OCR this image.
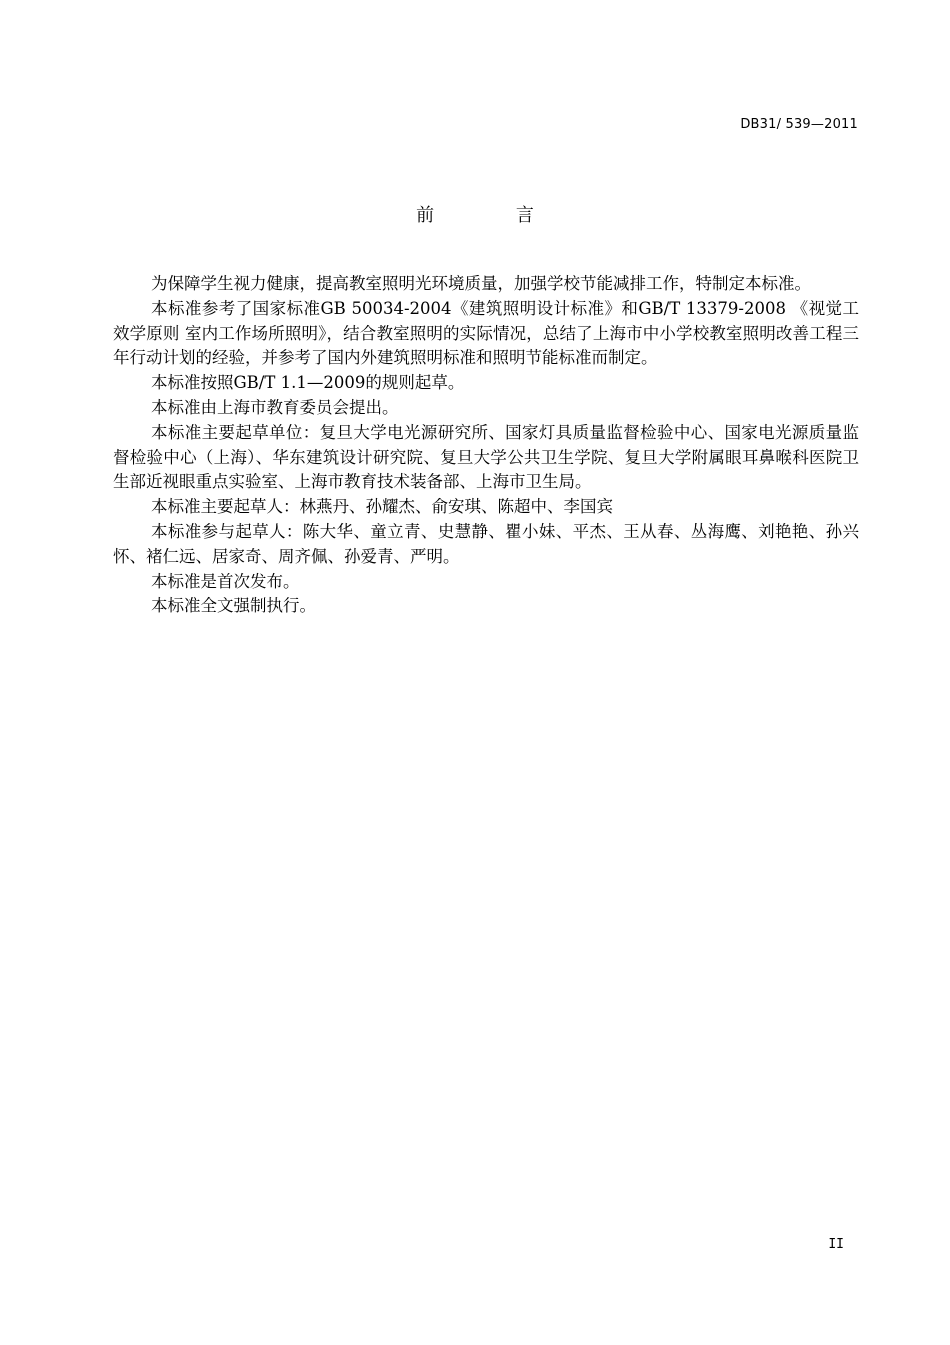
DB31/ 539—2011
前 言

为保障学生视力健康，提高教室照明光环境质量，加强学校节能减排工作，特制定本标准。

本标准参考了国家标准GB 50034-2004《建筑照明设计标准》和GB/T 13379-2008 《视觉工效学原则 室内工作场所照明》，结合教室照明的实际情况，总结了上海市中小学校教室照明改善工程三年行动计划的经验，并参考了国内外建筑照明标准和照明节能标准而制定。

本标准按照GB/T 1.1—2009的规则起草。

本标准由上海市教育委员会提出。

本标准主要起草单位：复旦大学电光源研究所、国家灯具质量监督检验中心、国家电光源质量监督检验中心（上海）、华东建筑设计研究院、复旦大学公共卫生学院、复旦大学附属眼耳鼻喉科医院卫生部近视眼重点实验室、上海市教育技术装备部、上海市卫生局。

本标准主要起草人：林燕丹、孙耀杰、俞安琪、陈超中、李国宾

本标准参与起草人：陈大华、童立青、史慧静、瞿小妹、平杰、王从春、丛海鹰、刘艳艳、孙兴怀、褚仁远、居家奇、周齐佩、孙爱青、严明。

本标准是首次发布。

本标准全文强制执行。

II
